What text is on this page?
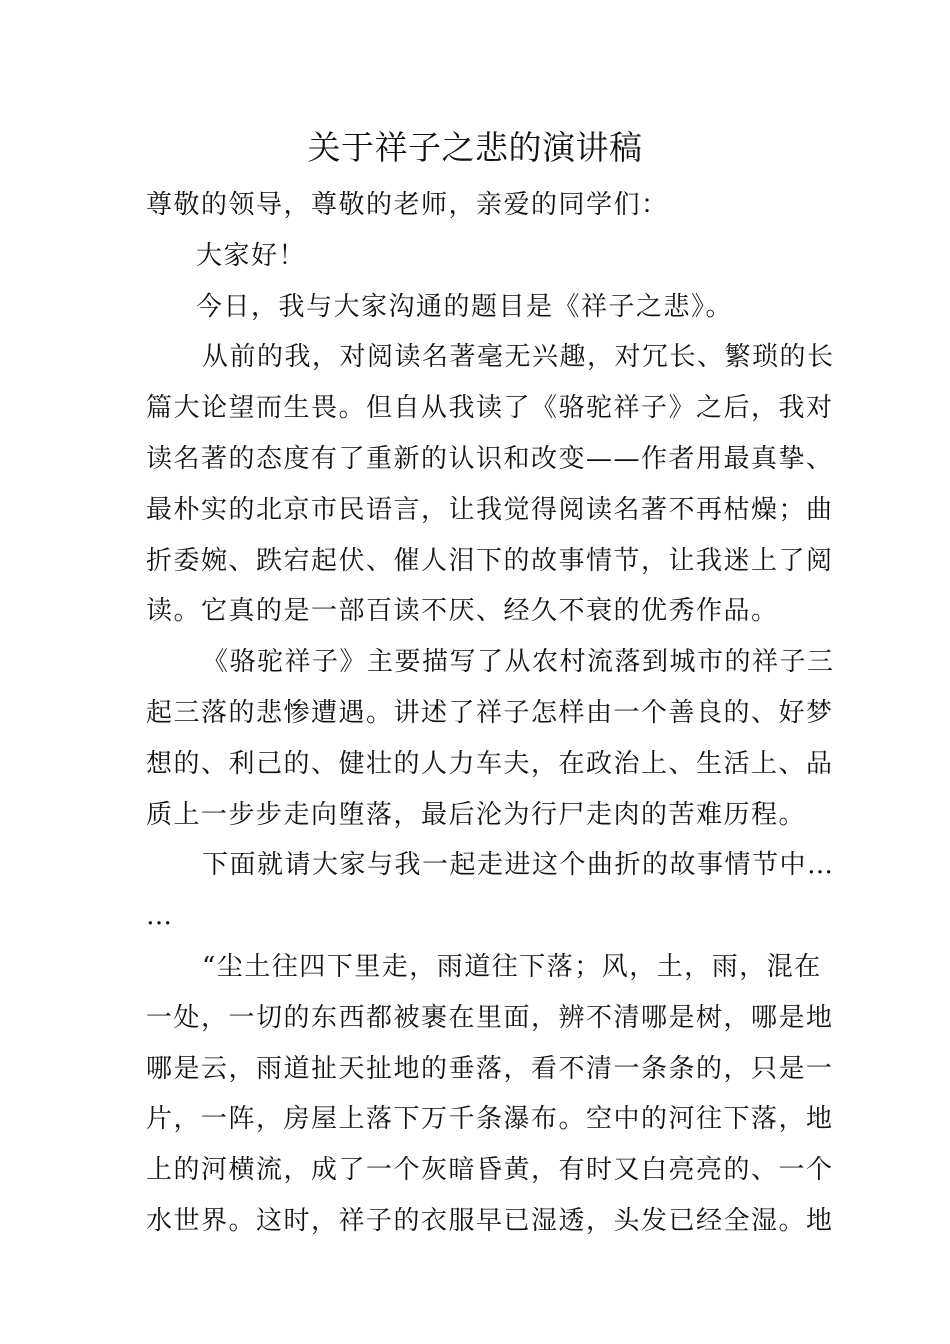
关于祥子之悲的演讲稿

尊敬的领导，尊敬的老师，亲爱的同学们：

大家好！

今日，我与大家沟通的题目是《祥子之悲》。

从前的我，对阅读名著毫无兴趣，对冗长、繁琐的长
篇大论望而生畏。但自从我读了《骆驼祥子》之后，我对
读名著的态度有了重新的认识和改变——作者用最真挚、
最朴实的北京市民语言，让我觉得阅读名著不再枯燥；曲
折委婉、跌宕起伏、催人泪下的故事情节，让我迷上了阅
读。它真的是一部百读不厌、经久不衰的优秀作品。

《骆驼祥子》主要描写了从农村流落到城市的祥子三
起三落的悲惨遭遇。讲述了祥子怎样由一个善良的、好梦
想的、利己的、健壮的人力车夫，在政治上、生活上、品
质上一步步走向堕落，最后沦为行尸走肉的苦难历程。

下面就请大家与我一起走进这个曲折的故事情节中…
…

“尘土往四下里走，雨道往下落；风，土，雨，混在
一处，一切的东西都被裹在里面，辨不清哪是树，哪是地
哪是云，雨道扯天扯地的垂落，看不清一条条的，只是一
片，一阵，房屋上落下万千条瀑布。空中的河往下落，地
上的河横流，成了一个灰暗昏黄，有时又白亮亮的、一个
水世界。这时，祥子的衣服早已湿透，头发已经全湿。地
